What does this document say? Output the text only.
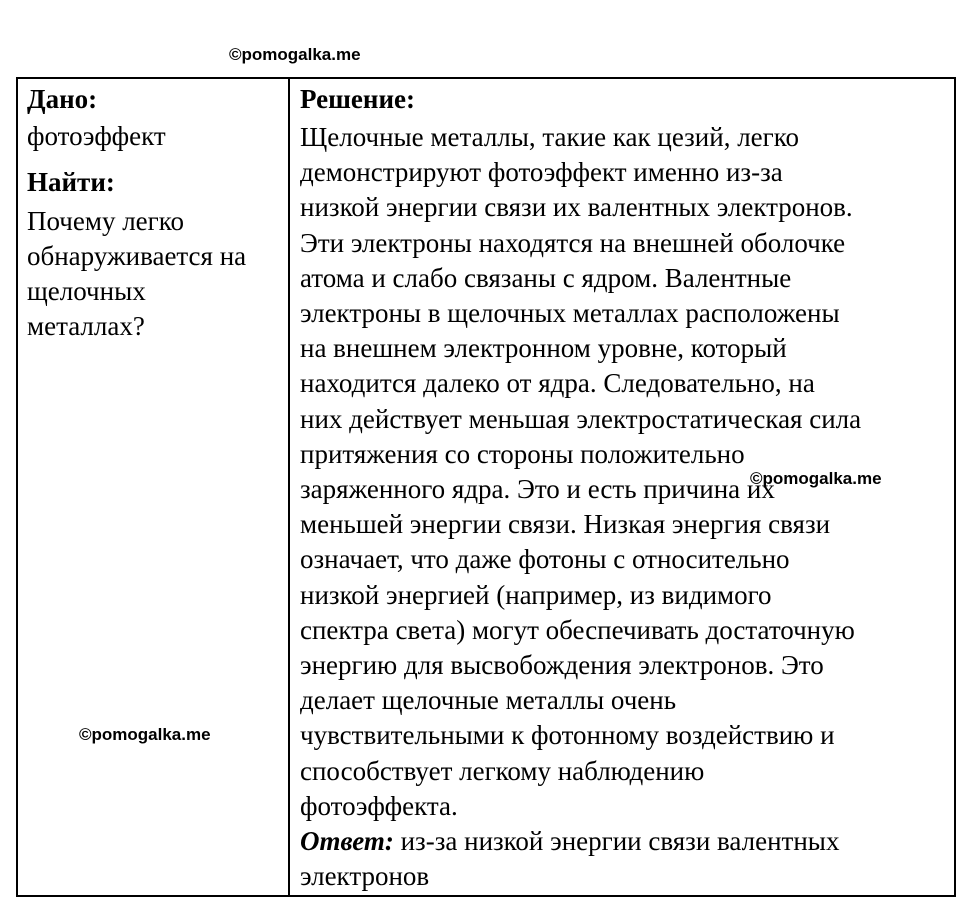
©pomogalka.me

Дано:

фотоэффект

Найти:

Почему легко
обнаруживается на
щелочных
металлах?

Решение:

Щелочные металлы, такие как цезий, легко
демонстрируют фотоэффект именно из-за
низкой энергии связи их валентных электронов.
Эти электроны находятся на внешней оболочке
атома и слабо связаны с ядром. Валентные
электроны в щелочных металлах расположены
на внешнем электронном уровне, который
находится далеко от ядра. Следовательно, на
них действует меньшая электростатическая сила
притяжения со стороны положительно
заряженного ядра. Это и есть причина их
меньшей энергии связи. Низкая энергия связи
означает, что даже фотоны с относительно
низкой энергией (например, из видимого
спектра света) могут обеспечивать достаточную
энергию для высвобождения электронов. Это
делает щелочные металлы очень
чувствительными к фотонному воздействию и
способствует легкому наблюдению
фотоэффекта.
Ответ: из-за низкой энергии связи валентных
электронов
©pomogalka.me
©pomogalka.me
